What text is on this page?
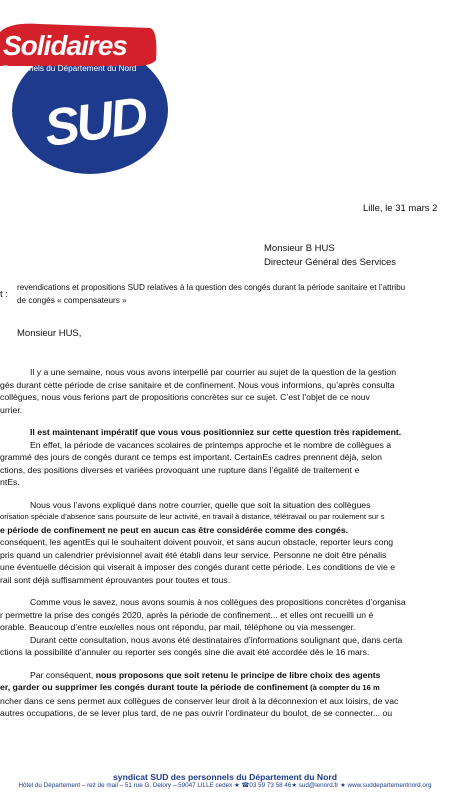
Solidaires
Personnels du Département du Nord
SUD
Lille, le 31 mars 2
Monsieur B HUS
Directeur Général des Services
t :
revendications et propositions SUD relatives à la question des congés durant la période sanitaire et l’attribu
de congés « compensateurs »
Monsieur HUS,

Il y a une semaine, nous vous avons interpellé par courrier au sujet de la question de la gestion

gés durant cette période de crise sanitaire et de confinement. Nous vous informions, qu’après consulta

collègues, nous vous ferions part de propositions concrètes sur ce sujet. C’est l’objet de ce nouv

urrier.

Il est maintenant impératif que vous vous positionniez sur cette question très rapidement.

En effet, la période de vacances scolaires de printemps approche et le nombre de collègues a

grammé des jours de congés durant ce temps est important. CertainEs cadres prennent déjà, selon

ctions, des positions diverses et variées provoquant une rupture dans l’égalité de traitement e

ntEs.

Nous vous l’avons expliqué dans notre courrier, quelle que soit la situation des collègues

orisation spéciale d’absence sans poursuite de leur activité, en travail à distance, télétravail ou par roulement sur s

e période de confinement ne peut en aucun cas être considérée comme des congés.

conséquent, les agentEs qui le souhaitent doivent pouvoir, et sans aucun obstacle, reporter leurs cong

pris quand un calendrier prévisionnel avait été établi dans leur service. Personne ne doit être pénalis

une éventuelle décision qui viserait à imposer des congés durant cette période. Les conditions de vie e

rail sont déjà suffisamment éprouvantes pour toutes et tous.

Comme vous le savez, nous avons soumis à nos collègues des propositions concrètes d’organisa

r permettre la prise des congés 2020, après la période de confinement... et elles ont recueilli un é

orable. Beaucoup d’entre eux/elles nous ont répondu, par mail, téléphone ou via messenger.

Durant cette consultation, nous avons été destinataires d’informations soulignant que, dans certa

ctions la possibilité d’annuler ou reporter ses congés sine die avait été accordée dès le 16 mars.

Par conséquent, nous proposons que soit retenu le principe de libre choix des agents

er, garder ou supprimer les congés durant toute la période de confinement (à compter du 16 m

ncher dans ce sens permet aux collègues de conserver leur droit à la déconnexion et aux loisirs, de vac

autres occupations, de se lever plus tard, de ne pas ouvrir l’ordinateur du boulot, de se connecter... ou

syndicat SUD des personnels du Département du Nord
Hôtel du Département – rez de mail – 51 rue G. Delory – 59047 LILLE cedex ★ ☎03 59 73 58 46★ sud@lenord.fr ★ www.suddepartementnord.org
